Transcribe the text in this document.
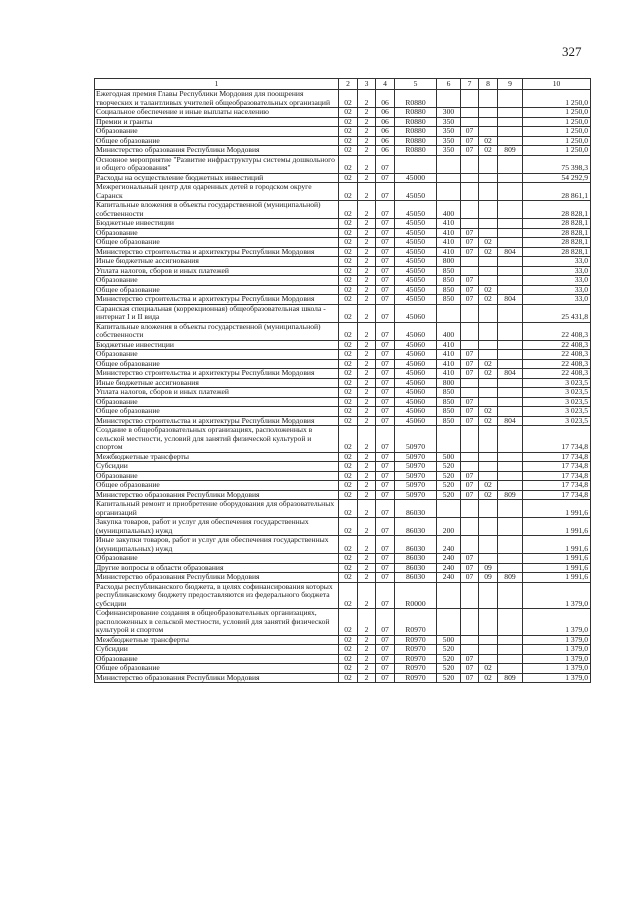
327
1	2	3	4	5	6	7	8	9	10
Ежегодная премия Главы Республики Мордовия для поощрения творческих и талантливых учителей общеобразовательных организаций	02	2	06	R0880					1 250,0
Социальное обеспечение и иные выплаты населению	02	2	06	R0880	300				1 250,0
Премии и гранты	02	2	06	R0880	350				1 250,0
Образование	02	2	06	R0880	350	07			1 250,0
Общее образование	02	2	06	R0880	350	07	02		1 250,0
Министерство образования Республики Мордовия	02	2	06	R0880	350	07	02	809	1 250,0
Основное мероприятие "Развитие инфраструктуры системы дошкольного и общего образования"	02	2	07						75 398,3
Расходы на осуществление бюджетных инвестиций	02	2	07	45000					54 292,9
Межрегиональный центр для одаренных детей в городском округе Саранск	02	2	07	45050					28 861,1
Капитальные вложения в объекты государственной (муниципальной) собственности	02	2	07	45050	400				28 828,1
Бюджетные инвестиции	02	2	07	45050	410				28 828,1
Образование	02	2	07	45050	410	07			28 828,1
Общее образование	02	2	07	45050	410	07	02		28 828,1
Министерство строительства и архитектуры Республики Мордовия	02	2	07	45050	410	07	02	804	28 828,1
Иные бюджетные ассигнования	02	2	07	45050	800				33,0
Уплата налогов, сборов и иных платежей	02	2	07	45050	850				33,0
Образование	02	2	07	45050	850	07			33,0
Общее образование	02	2	07	45050	850	07	02		33,0
Министерство строительства и архитектуры Республики Мордовия	02	2	07	45050	850	07	02	804	33,0
Саранская специальная (коррекционная) общеобразовательная школа - интернат I и II вида	02	2	07	45060					25 431,8
Капитальные вложения в объекты государственной (муниципальной) собственности	02	2	07	45060	400				22 408,3
Бюджетные инвестиции	02	2	07	45060	410				22 408,3
Образование	02	2	07	45060	410	07			22 408,3
Общее образование	02	2	07	45060	410	07	02		22 408,3
Министерство строительства и архитектуры Республики Мордовия	02	2	07	45060	410	07	02	804	22 408,3
Иные бюджетные ассигнования	02	2	07	45060	800				3 023,5
Уплата налогов, сборов и иных платежей	02	2	07	45060	850				3 023,5
Образование	02	2	07	45060	850	07			3 023,5
Общее образование	02	2	07	45060	850	07	02		3 023,5
Министерство строительства и архитектуры Республики Мордовия	02	2	07	45060	850	07	02	804	3 023,5
Создание в общеобразовательных организациях, расположенных в сельской местности, условий для занятий физической культурой и спортом	02	2	07	50970					17 734,8
Межбюджетные трансферты	02	2	07	50970	500				17 734,8
Субсидии	02	2	07	50970	520				17 734,8
Образование	02	2	07	50970	520	07			17 734,8
Общее образование	02	2	07	50970	520	07	02		17 734,8
Министерство образования Республики Мордовия	02	2	07	50970	520	07	02	809	17 734,8
Капитальный ремонт и приобретение оборудования для образовательных организаций	02	2	07	86030					1 991,6
Закупка товаров, работ и услуг для обеспечения государственных (муниципальных) нужд	02	2	07	86030	200				1 991,6
Иные закупки товаров, работ и услуг для обеспечения государственных (муниципальных) нужд	02	2	07	86030	240				1 991,6
Образование	02	2	07	86030	240	07			1 991,6
Другие вопросы в области образования	02	2	07	86030	240	07	09		1 991,6
Министерство образования Республики Мордовия	02	2	07	86030	240	07	09	809	1 991,6
Расходы республиканского бюджета, в целях софинансирования которых республиканскому бюджету предоставляются из федерального бюджета субсидии	02	2	07	R0000					1 379,0
Софинансирование создания в общеобразовательных организациях, расположенных в сельской местности, условий для занятий физической культурой и спортом	02	2	07	R0970					1 379,0
Межбюджетные трансферты	02	2	07	R0970	500				1 379,0
Субсидии	02	2	07	R0970	520				1 379,0
Образование	02	2	07	R0970	520	07			1 379,0
Общее образование	02	2	07	R0970	520	07	02		1 379,0
Министерство образования Республики Мордовия	02	2	07	R0970	520	07	02	809	1 379,0
